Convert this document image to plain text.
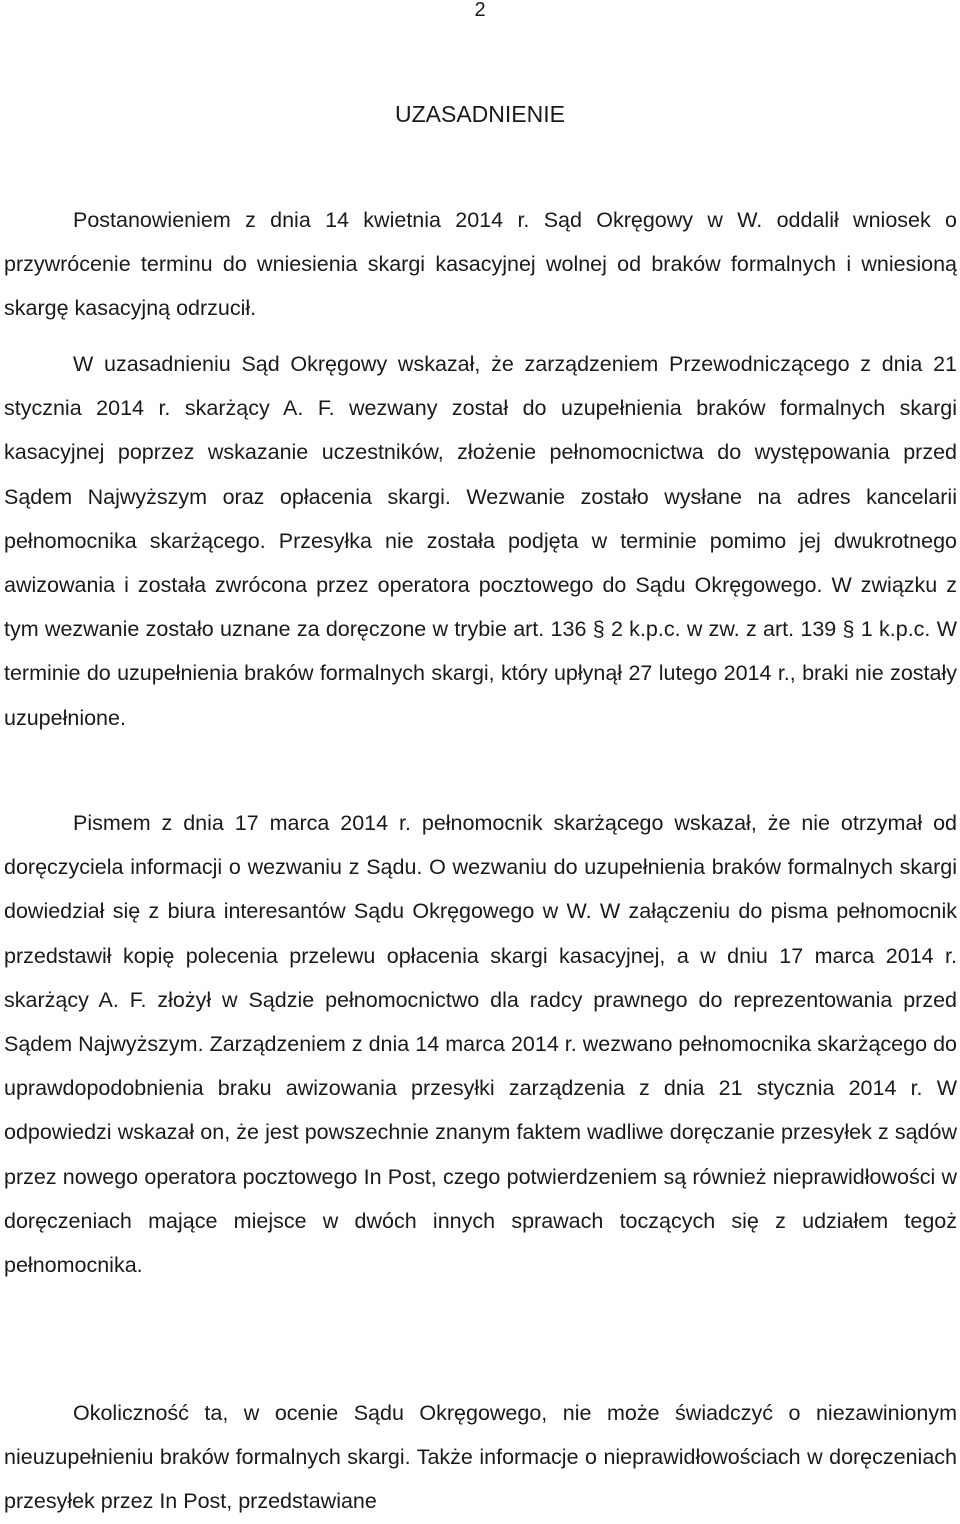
2
UZASADNIENIE

Postanowieniem z dnia 14 kwietnia 2014 r. Sąd Okręgowy w W. oddalił wniosek o przywrócenie terminu do wniesienia skargi kasacyjnej wolnej od braków formalnych i wniesioną skargę kasacyjną odrzucił.

W uzasadnieniu Sąd Okręgowy wskazał, że zarządzeniem Przewodniczącego z dnia 21 stycznia 2014 r. skarżący A. F. wezwany został do uzupełnienia braków formalnych skargi kasacyjnej poprzez wskazanie uczestników, złożenie pełnomocnictwa do występowania przed Sądem Najwyższym oraz opłacenia skargi. Wezwanie zostało wysłane na adres kancelarii pełnomocnika skarżącego. Przesyłka nie została podjęta w terminie pomimo jej dwukrotnego awizowania i została zwrócona przez operatora pocztowego do Sądu Okręgowego. W związku z tym wezwanie zostało uznane za doręczone w trybie art. 136 § 2 k.p.c. w zw. z art. 139 § 1 k.p.c. W terminie do uzupełnienia braków formalnych skargi, który upłynął 27 lutego 2014 r., braki nie zostały uzupełnione.

Pismem z dnia 17 marca 2014 r. pełnomocnik skarżącego wskazał, że nie otrzymał od doręczyciela informacji o wezwaniu z Sądu. O wezwaniu do uzupełnienia braków formalnych skargi dowiedział się z biura interesantów Sądu Okręgowego w W. W załączeniu do pisma pełnomocnik przedstawił kopię polecenia przelewu opłacenia skargi kasacyjnej, a w dniu 17 marca 2014 r. skarżący A. F. złożył w Sądzie pełnomocnictwo dla radcy prawnego do reprezentowania przed Sądem Najwyższym. Zarządzeniem z dnia 14 marca 2014 r. wezwano pełnomocnika skarżącego do uprawdopodobnienia braku awizowania przesyłki zarządzenia z dnia 21 stycznia 2014 r. W odpowiedzi wskazał on, że jest powszechnie znanym faktem wadliwe doręczanie przesyłek z sądów przez nowego operatora pocztowego In Post, czego potwierdzeniem są również nieprawidłowości w doręczeniach mające miejsce w dwóch innych sprawach toczących się z udziałem tegoż pełnomocnika.

Okoliczność ta, w ocenie Sądu Okręgowego, nie może świadczyć o niezawinionym nieuzupełnieniu braków formalnych skargi. Także informacje o nieprawidłowościach w doręczeniach przesyłek przez In Post, przedstawiane
